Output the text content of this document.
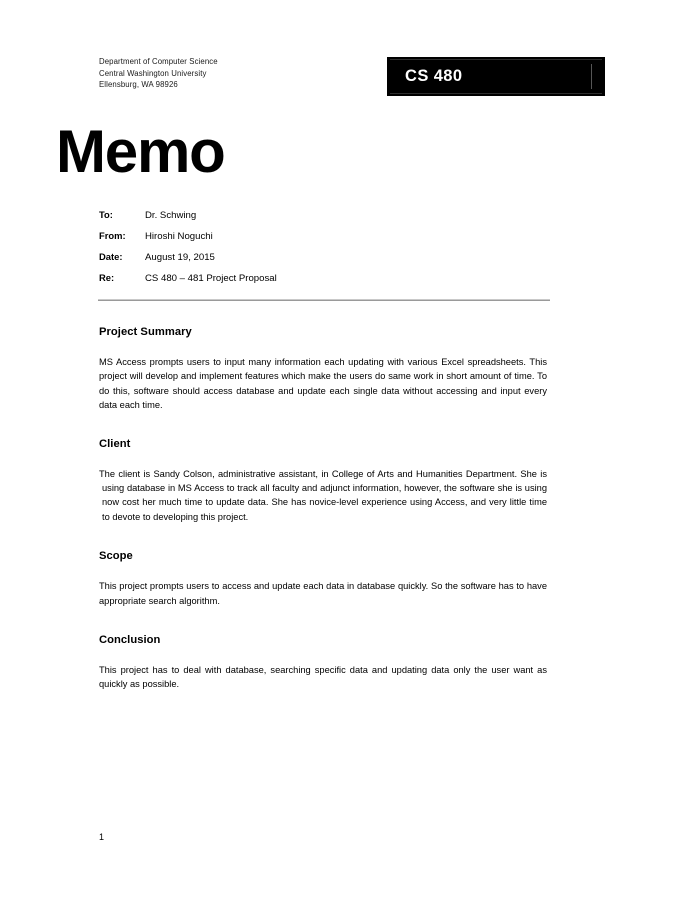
Department of Computer Science
Central Washington University
Ellensburg, WA 98926	CS 480
Memo
To:	Dr. Schwing
From:	Hiroshi Noguchi
Date:	August 19, 2015
Re:	CS 480 – 481 Project Proposal
Project Summary

MS Access prompts users to input many information each updating with various Excel spreadsheets. This project will develop and implement features which make the users do same work in short amount of time. To do this, software should access database and update each single data without accessing and input every data each time.

Client

The client is Sandy Colson, administrative assistant, in College of Arts and Humanities Department. She is using database in MS Access to track all faculty and adjunct information, however, the software she is using now cost her much time to update data. She has novice-level experience using Access, and very little time to devote to developing this project.

Scope

This project prompts users to access and update each data in database quickly. So the software has to have appropriate search algorithm.

Conclusion

This project has to deal with database, searching specific data and updating data only the user want as quickly as possible.

1
